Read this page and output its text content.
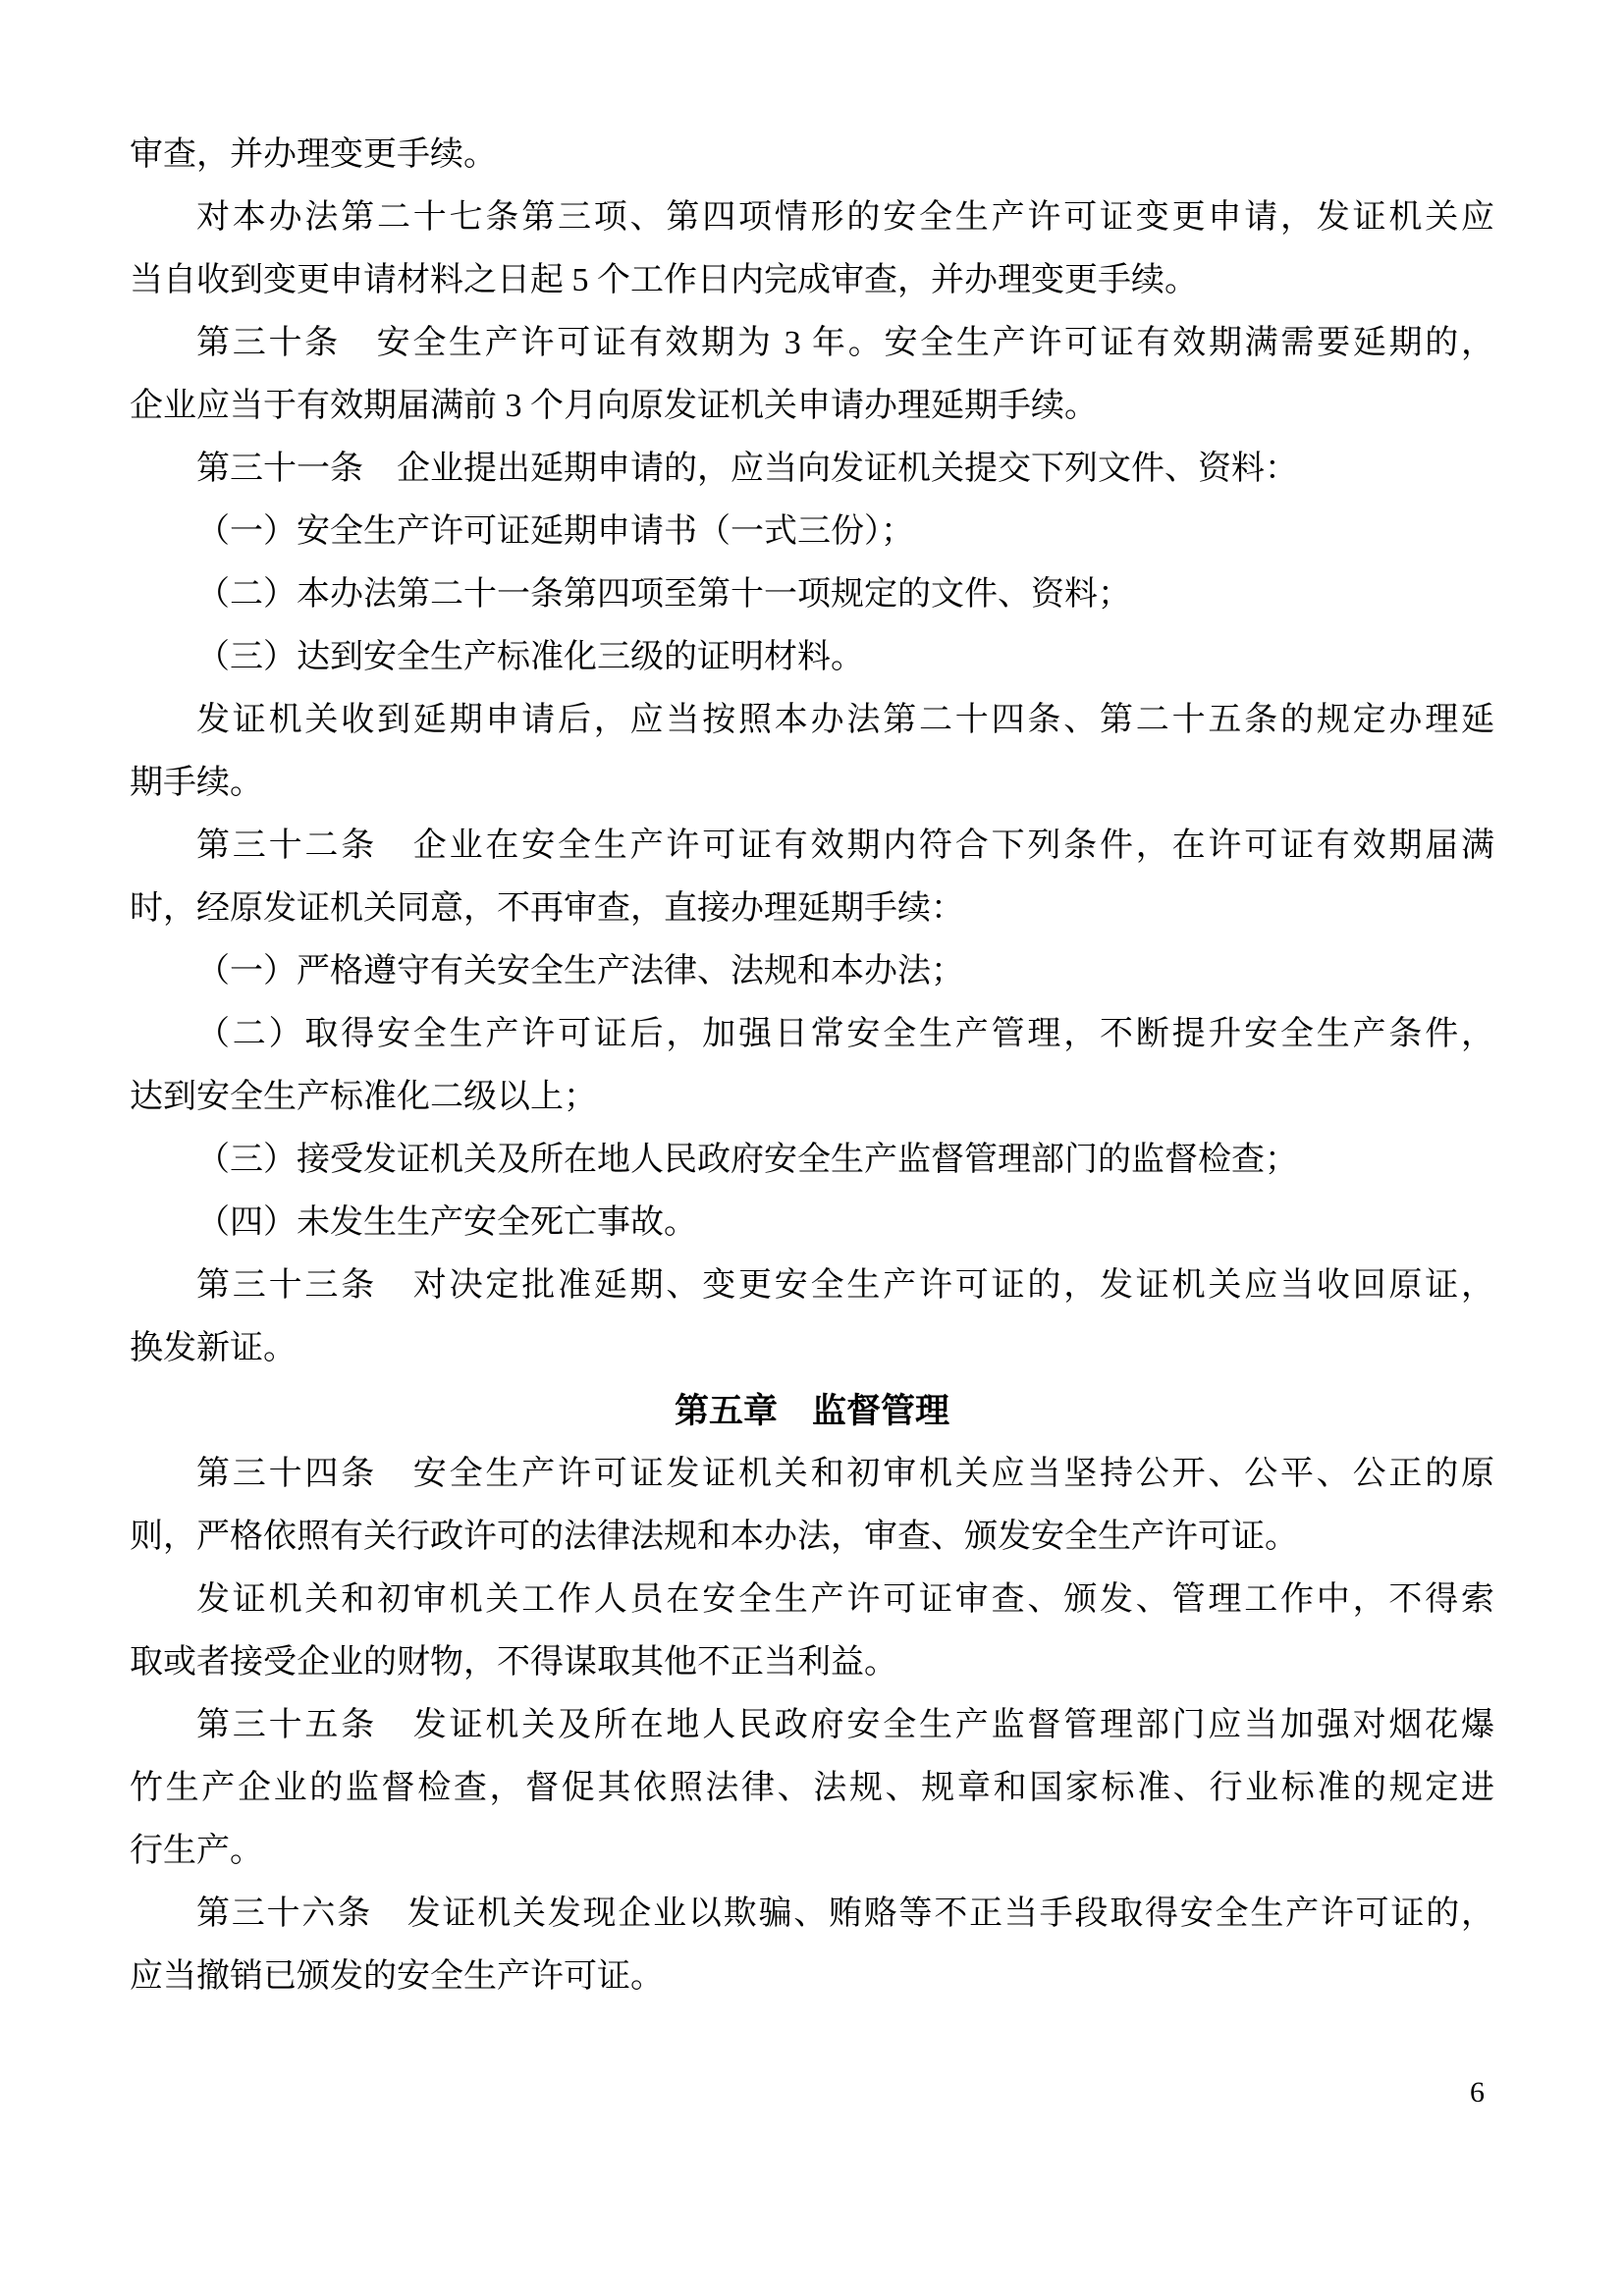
审查，并办理变更手续。
对本办法第二十七条第三项、第四项情形的安全生产许可证变更申请，发证机关应
当自收到变更申请材料之日起 5 个工作日内完成审查，并办理变更手续。
第三十条　安全生产许可证有效期为 3 年。安全生产许可证有效期满需要延期的，
企业应当于有效期届满前 3 个月向原发证机关申请办理延期手续。
第三十一条　企业提出延期申请的，应当向发证机关提交下列文件、资料：
（一）安全生产许可证延期申请书（一式三份）；
（二）本办法第二十一条第四项至第十一项规定的文件、资料；
（三）达到安全生产标准化三级的证明材料。
发证机关收到延期申请后，应当按照本办法第二十四条、第二十五条的规定办理延
期手续。
第三十二条　企业在安全生产许可证有效期内符合下列条件，在许可证有效期届满
时，经原发证机关同意，不再审查，直接办理延期手续：
（一）严格遵守有关安全生产法律、法规和本办法；
（二）取得安全生产许可证后，加强日常安全生产管理，不断提升安全生产条件，
达到安全生产标准化二级以上；
（三）接受发证机关及所在地人民政府安全生产监督管理部门的监督检查；
（四）未发生生产安全死亡事故。
第三十三条　对决定批准延期、变更安全生产许可证的，发证机关应当收回原证，
换发新证。
第五章　监督管理
第三十四条　安全生产许可证发证机关和初审机关应当坚持公开、公平、公正的原
则，严格依照有关行政许可的法律法规和本办法，审查、颁发安全生产许可证。
发证机关和初审机关工作人员在安全生产许可证审查、颁发、管理工作中，不得索
取或者接受企业的财物，不得谋取其他不正当利益。
第三十五条　发证机关及所在地人民政府安全生产监督管理部门应当加强对烟花爆
竹生产企业的监督检查，督促其依照法律、法规、规章和国家标准、行业标准的规定进
行生产。
第三十六条　发证机关发现企业以欺骗、贿赂等不正当手段取得安全生产许可证的，
应当撤销已颁发的安全生产许可证。
6
